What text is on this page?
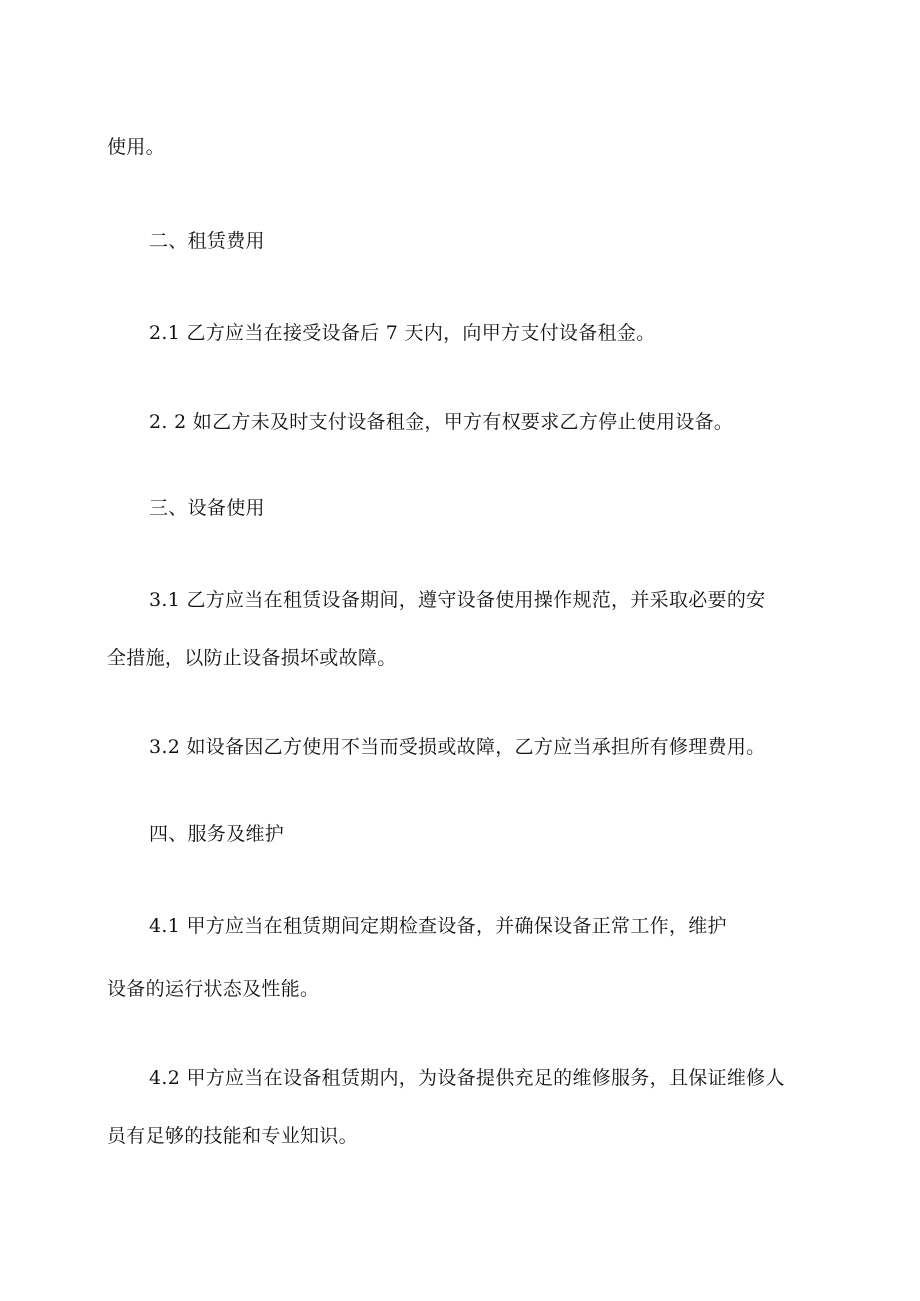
使用。
二、租赁费用
2.1 乙方应当在接受设备后 7 天内，向甲方支付设备租金。
2. 2 如乙方未及时支付设备租金，甲方有权要求乙方停止使用设备。
三、设备使用
3.1 乙方应当在租赁设备期间，遵守设备使用操作规范，并采取必要的安
全措施，以防止设备损坏或故障。
3.2 如设备因乙方使用不当而受损或故障，乙方应当承担所有修理费用。
四、服务及维护
4.1 甲方应当在租赁期间定期检查设备，并确保设备正常工作，维护
设备的运行状态及性能。
4.2 甲方应当在设备租赁期内，为设备提供充足的维修服务，且保证维修人
员有足够的技能和专业知识。
